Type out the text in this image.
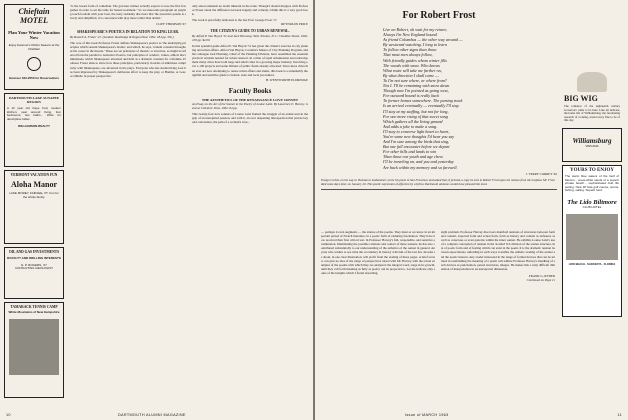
Chieftain MOTEL
Plan Your Winter Vacation Now
Enjoy Hanover's Winter Season at the Chieftain
Hanover 643-2550 for Reservations
DARTMOUTH-LAKE SUNAPEE REGION
A 12 year old Cape Cod, modern kitchen, year around living, four bedrooms, two baths... Write for descriptive folder.
WILLIAMSON REALTY
VERMONT VACATION FUN
Aloha Manor
LAKE MOREY, FAIRLEE, VT. Fun for the whole family.
OIL AND GAS INVESTMENTS
ROYALTY AND DRILLING INTERESTS
E. P. ROGERS, '27
CONSULTING GEOLOGIST
TAMARACK TENNIS CAMP
White Mountains of New Hampshire

"is the lowest form of comedian. The gracious winner actually expects to lose the first few games in order to set the table for honest treatment." So we innocents paragraph on playing touch football with your boss, the rusty suddenly discovers that 'the executive puzzle is slowly and simplified, it is concerned with play more rather than details.'

CLIFF THOMSON '47

SHAKESPEARE'S POETICS IN RELATION TO KING LEAR.

By Russell A. Fraser '47. (London: Routledge & Kegan Paul, 1962. 184 pp. 30s.)

The core of this book Professor Fraser defines Shakespeare's poetics as 'the underlying principles which sustain Shakespeare's drama,' and which, he says, 'remain constant throughout his career in the theatre.' These are set principles of rhetoric or structure, as might be inferred from the parallel to Aristotle's Poetics, but principles of conduct, values, ethical discriminations, which Shakespeare absorbed and held as a dramatic constant for a lifetime. Professor Fraser aims to show how these principles, particularly in terms of ambitious complexity with Shakespeare, are advanced in the plays. Everyone who has studied King Lear has been impressed by Shakespeare's deliberate effort to keep the play, or Hamlet, or Lear, or Othello in proper perspective.

only about elements no doubt inherent in the trade. Though I should disagree with Professor Fraser about the difference between tragedy and comedy, I think this is a very good book.

The work is gracefully dedicated to the late Prof. George Frost '17.

REYNOLDS PRICE

THE CITIZEN'S GUIDE TO URBAN RENEWAL.

By Alfred P. Van Huyck '51 and Jack Hornung. West Trenton, N.J.: Chandler-Davis, 1962. 100 pp. $2.00.

In this splendid guide Alfred P. Van Huyck '51 has given the citizen's exercise in city planning and urban affairs. Alfred Van Huyck, Carolina's Master of City Planning Program, and his colleague Jack Hornung, Chief of the Planning Division, have assembled the essential practical wisdom needed for urban renewal. In a time of rapid urbanization and redevelopment many cities have both large and small cities in a growing major industry. Involving over 1,100 projects and some billions of public funds already allocated. Since more cities than ever are now attempting to renew urban affairs and slums, this book is a remarkably thoughtful and sensitive guide to federal, state and local procedures.

H. WENTWORTH ELDREDGE

Faculty Books
THE AESTHETICS OF THE RENAISSANCE LOVE SONNET

An Essay on the Art of the Sonnet in the Poetry of Louise Labé. By Lawrence E. Harvey. Geneva: Librairie Droz, 1962. 84 pp.

This twenty-four love sonnets of Louise Labé framed the struggle of an ardent soul in the grip of an unrequited passion, and with it, an ever deepening introspection that probes beyond convention, the pain of a woman's love...

10	DARTMOUTH ALUMNI MAGAZINE
For Robert Frost
Live on Robert, oh wait for my return;
Always I'm New England bound
As friend Columbus — the other way around —
By westward watching. I long to learn
To follow other signs than those
That most men always follow,
With friendly guides whom winter fills
The woods with snow. Who knows
What route will take me farther on,
By what direction I shall come —
To I'm not sure where, or where from?
Not I. I'll be remaining with snow dawn
Though now I'm pointed as going west,
For outward bound is really back
To former homes somewhere. The parting track
Is an arrival eventually — eventually I'll stay.
I'll stay at my staffing, but not for long,
For one more rising of that sweet song
Which gathers all the living ground
And adds a joke to make a song.
I'll stay to converse light heart to heart,
You're some new thoughts I'd hear you say
And I'm sure among the birds that sing,
But one full encounter before we depart
For other hills and lands to win
Than those our youth and age chew.
I'll be traveling on, and you and yesterday
Are back within my memory and so farewell.
J. TERRY CORREY '62

Ensign Corbet, on his way to Vietnam in midsummer, wrote his poem in San Francisco and asked that, if printed, a copy be sent to Robert Frost upon his release from the hospital. Mr. Frost died some days later, on January 29. This poetic expression of affection by a fellow Dartmouth alumnus would have pleased him most.

— perhaps it even augments — the stature of the poems. They must as we know in an important period of French literature, in a poetic form of enduring fascination. They have now received their first critical test. In Professor Harvey's full, responsible, and sensitive examination. Illuminating the possible relations and contact of these sonnets, he has also contributed substantially to our understanding of the esthetics of the sonnet in general. Anyone who wishes to see what the vocabulary in literary criticism of the last few decades is about, in one clear illustration, will profit from the reading of these pages. A brief review can give no idea of the range of perspectives raised with Mr. Harvey with the actual examples of the poems with which they are analyzed: the integral word, stage in its growth, until they call forth meaning as fully as poetry can be projected to. Let me indicate only some of the insights which I found absorbing.

sight problem. Professor Harvey discovers manifold tensions of structures between form and content, expected form and actual form, form as history and content as defeated, as well as conscious or even patterns within the inner sonnet. He exhibits Louise Labé's use of a complex conception of tension in the 'normal' 8-6 division of the sonnet structure, that of poetic form and of feeling which can exist in the poem. It is the dramatic tension between expectations, unfolding in such ways it unifies the esthetic reading of the sonnet and the poetic interest. Any reader interested in the range of formal devices that can be utilized in establishing the meaning of a poem will admire Professor Harvey's handling of such devices as punctuation, paired structures, images. He makes this a truly difficult dimension of interpretation in an unexpected dimension.

FRANK G. RYDER

Continued on Page 11

BIG WIG
The romance of the eighteenth century Governors came to be hale. Like all delicate, the home life of Williamsburg, the fascinating research of cooking, tested every fine to be of this day.
Williamsburg
VIRGINIA
YOURS TO ENJOY
The warm blue waters of the Gulf of Mexico... snow-white sands of a superb private beach... sophisticated club life setting. New 18 hole golf course, tennis, fishing, sailing. Superb food.
The Lido Biltmore
CLUB HOTEL
LIDO BEACH · SARASOTA · FLORIDA
Issue of MARCH 1963	11
